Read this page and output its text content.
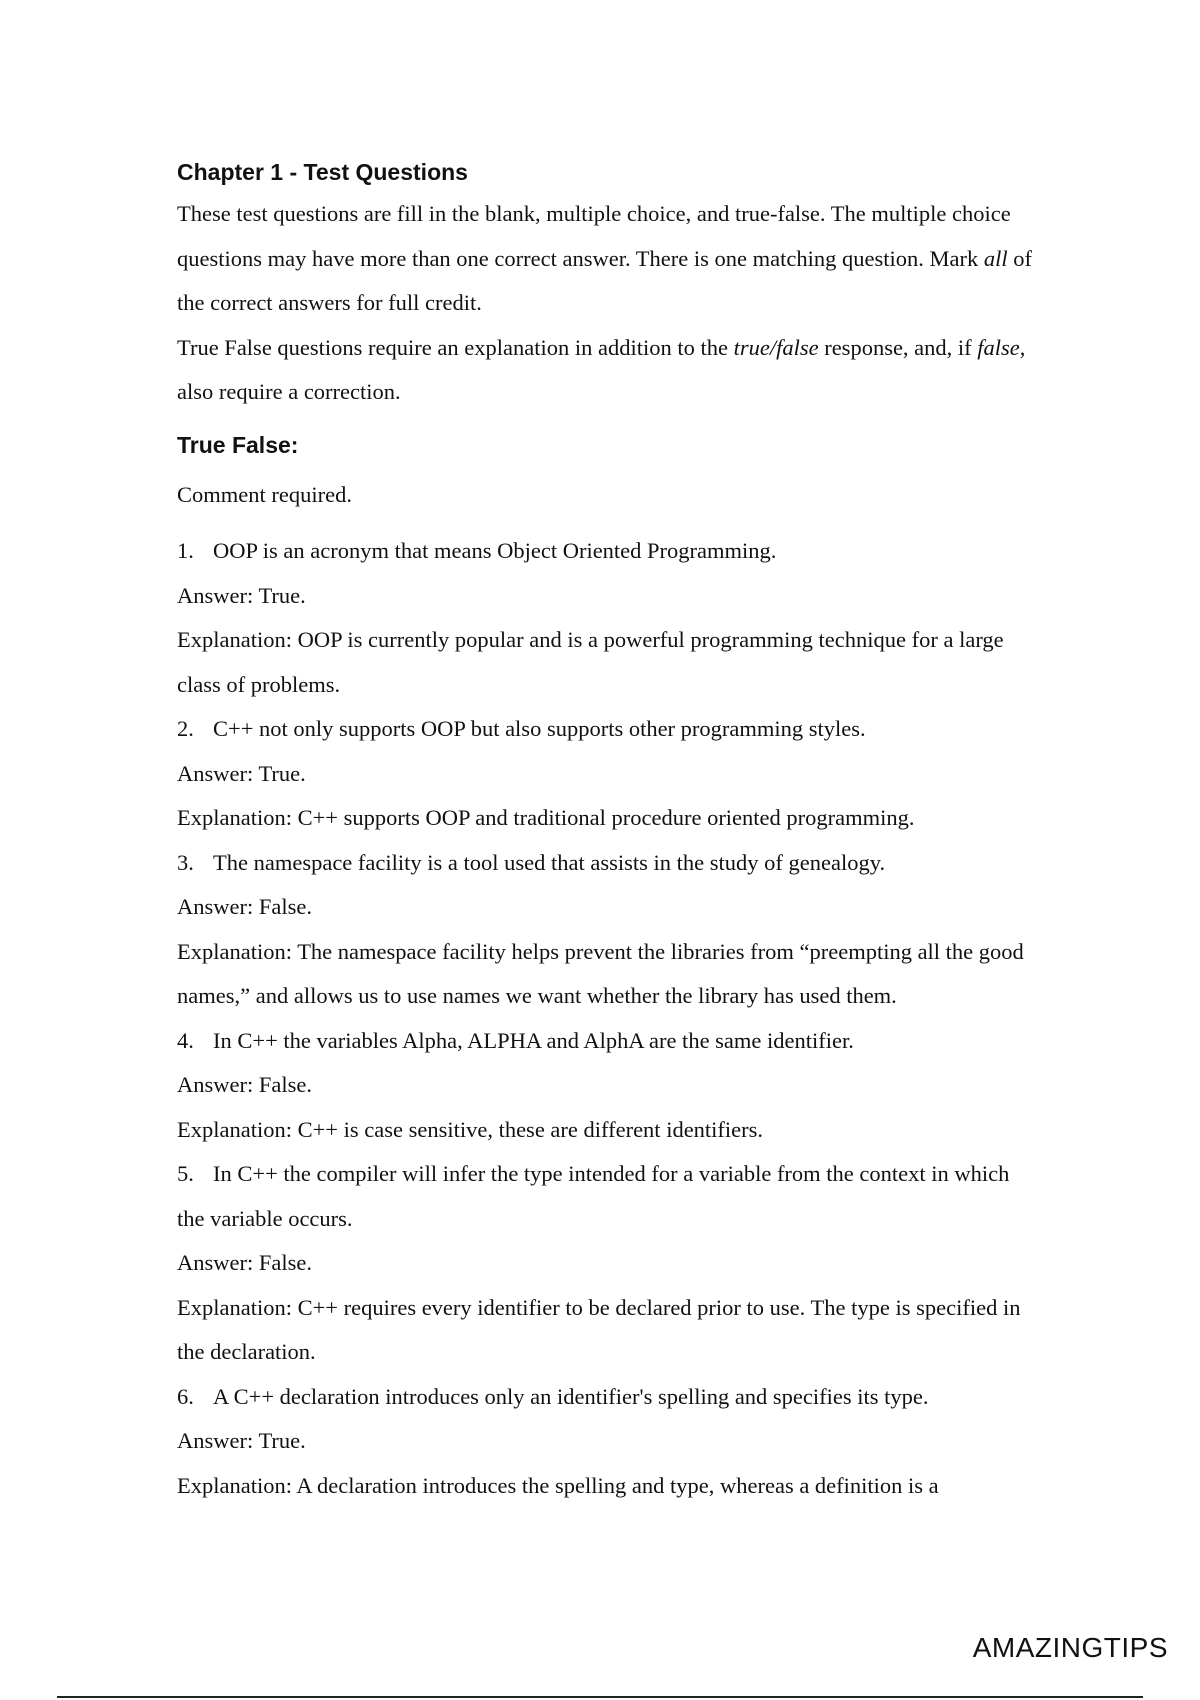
Chapter 1 - Test Questions

These test questions are fill in the blank, multiple choice, and true-false. The multiple choice questions may have more than one correct answer. There is one matching question. Mark all of the correct answers for full credit.

True False questions require an explanation in addition to the true/false response, and, if false, also require a correction.

True False:

Comment required.

1. OOP is an acronym that means Object Oriented Programming.

Answer: True.

Explanation: OOP is currently popular and is a powerful programming technique for a large class of problems.

2. C++ not only supports OOP but also supports other programming styles.

Answer: True.

Explanation: C++ supports OOP and traditional procedure oriented programming.

3. The namespace facility is a tool used that assists in the study of genealogy.

Answer: False.

Explanation: The namespace facility helps prevent the libraries from “preempting all the good names,” and allows us to use names we want whether the library has used them.

4. In C++ the variables Alpha, ALPHA and AlphA are the same identifier.

Answer: False.

Explanation: C++ is case sensitive, these are different identifiers.

5. In C++ the compiler will infer the type intended for a variable from the context in which the variable occurs.

Answer: False.

Explanation: C++ requires every identifier to be declared prior to use. The type is specified in the declaration.

6. A C++ declaration introduces only an identifier's spelling and specifies its type.

Answer: True.

Explanation: A declaration introduces the spelling and type, whereas a definition is a

AMAZINGTIPS
